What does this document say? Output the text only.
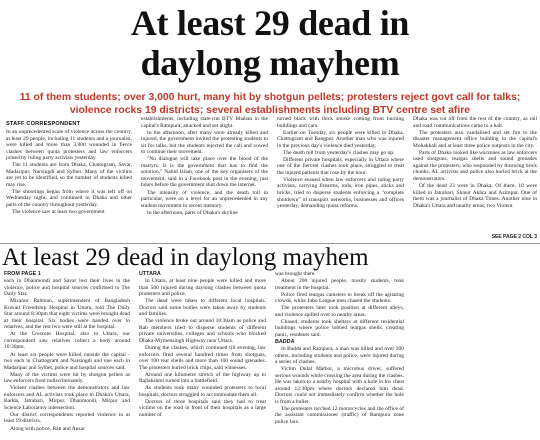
At least 29 dead in
daylong mayhem
11 of them students; over 3,000 hurt, many hit by shotgun pellets; protesters reject govt call for talks; violence rocks 19 districts; several establishments including BTV centre set afire
STAFF CORRESPONDENT

In an unprecedented scale of violence across the country, at least 29 people, including 11 students and a journalist, were killed and more than 3,000 wounded in fierce clashes between quota protesters and law enforcers joined by ruling party activists yesterday.

The 11 students are from Dhaka, Chattogram, Savar, Madaripur, Narsingdi and Sylhet. Many of the victims are yet to be identified, so the number of students killed may rise.

The shootings began from where it was left off on Wednesday night, and continued in Dhaka and other parts of the country throughout yesterday.

The violence saw at least two government

establishments, including state-run BTV Bhaban in the capital's Rampura, attacked and set alight.

In the afternoon, after many were already killed and injured, the government invited the protesting students to sit for talks, but the students rejected the call and vowed to continue their movement.

"No dialogue will take place over the blood of the martyrs. It is the government that has to find the solution," Nahid Islam, one of the key organisers of the movement, said in a Facebook post in the evening, just hours before the government shut down the internet.

The intensity of violence, and the death toll in particular, were on a level for an unprecedented in any student movement in recent memory.

In the afternoon, parts of Dhaka's skyline

turned black with thick smoke coming from burning buildings and cars.

Earlier on Tuesday, six people were killed in Dhaka, Chattogram and Rangpur. Another man who was injured in the previous day's violence died yesterday.

The death toll from yesterday's clashes may go up.

Different private hospitals, especially in Uttara where one of the fiercest clashes took place, struggled to treat the injured patients that rose by the hour.

Violence ensued when law enforcers and ruling party activists, carrying firearms, rods, iron pipes, sticks and bricks, tried to disperse students enforcing a "complete shutdown" of transport networks, businesses and offices yesterday, demanding quota reforms.

Dhaka was cut off from the rest of the country, as rail and road communications came to a halt.

The protesters also vandalised and set fire to the disaster management office building in the capital's Mohakhali and at least three police outposts in the city.

Parts of Dhaka looked like warzones as law enforcers used shotguns, teargas shells and sound grenades against the protesters, who responded by throwing brick chunks. AL activists and police also hurled brick at the demonstrators.

Of the dead 23 were in Dhaka. Of them, 10 were killed in Jatrabari, Shanir Akhra and Azimpur. One of them was a journalist of Dhaka Times. Another nine in Dhaka's Uttara and nearby areas; two Violent

SEE PAGE 2 COL 3

At least 29 dead in daylong mayhem

FROM PAGE 1

each in Dhanmondi and Savar lost their lives in the violence, police and hospital sources confirmed to The Daily Star.

Mizanur Rahman, superintendent of Bangladesh Kuwait Friendship Hospital in Uttara, told The Daily Star around 8:30pm that eight victims were brought dead at their hospital. Six bodies were handed over to relatives, and the rest two were still at the hospital.

At the Crescent Hospital, also in Uttara, our correspondent saw relatives collect a body around 10:30pm.

At least six people were killed outside the capital - two each in Chattogram and Narsingdi and one each in Madaripur and Sylhet, police and hospital sources said.

Many of the victims were hit by shotgun pellets as law enforcers fired indiscriminately.

Violent clashes between the demonstrators and law enforcers and AL activists took place in Dhaka's Uttara, Badda, Jatrabari, Mirpur, Dhanmondi, Mirpur and Science Laboratory intersection.

Our district correspondents reported violence in at least 19 districts.

Along with police, Rab and Ansar

UTTARA

In Uttara, at least nine people were killed and more than 500 injured during daylong clashes between quota protesters and police.

The dead were taken to different local hospitals. Doctors said some bodies were taken away by students and families.

The violence broke out around 10:30am as police and Rab members tried to disperse students of different private universities, colleges and schools who blocked Dhaka-Mymensingh Highway near Uttara.

During the clashes, which continued till evening, law enforcers fired several hundred times from shotguns, over 100 tear shells and more than 100 sound grenades. The protesters hurled brick chips, said witnesses.

Around one kilometre stretch of the highway up to Rajlakshmi turned into a battlefield.

As students took many wounded protesters to local hospitals, doctors struggled to accommodate them all.

Doctors of three hospitals said they had to treat victims on the road in front of their hospitals as a large number of

was brought there.

About 200 injured people, mostly students, took treatment in the hospital.

Police fired teargas canisters to break off the agitating crowds, while Jubo League men chased the students.

The protesters later took position at different alleys, and violence spilled over to nearby areas.

Chased, students took shelters at different residential buildings where police lobbed teargas shells, creating panic, residents said.

BADDA

In Badda and Rampura, a man was killed and over 200 others, including students and police, were injured during a series of clashes.

Victim Dulal Matbor, a microbus driver, suffered serious wounds while crossing the area during the clashes. He was taken to a nearby hospital with a hole in his chest around 12:30pm where doctors declared him dead. Doctors could not immediately confirm whether the hole is from a bullet.

The protesters torched 12 motorcycles and the office of the assistant commissioner (traffic) of Rampura zone police box.
